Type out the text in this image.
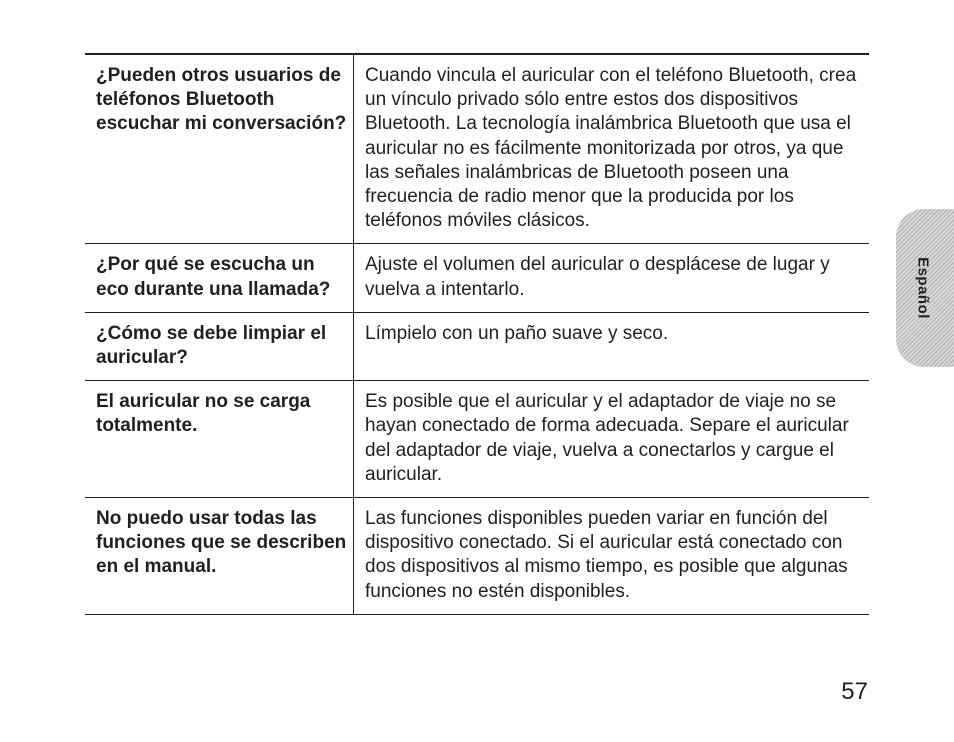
¿Pueden otros usuarios de teléfonos Bluetooth escuchar mi conversación?	Cuando vincula el auricular con el teléfono Bluetooth, crea un vínculo privado sólo entre estos dos dispositivos Bluetooth. La tecnología inalámbrica Bluetooth que usa el auricular no es fácilmente monitorizada por otros, ya que las señales inalámbricas de Bluetooth poseen una frecuencia de radio menor que la producida por los teléfonos móviles clásicos.
¿Por qué se escucha un eco durante una llamada?	Ajuste el volumen del auricular o desplácese de lugar y vuelva a intentarlo.
¿Cómo se debe limpiar el auricular?	Límpielo con un paño suave y seco.
El auricular no se carga totalmente.	Es posible que el auricular y el adaptador de viaje no se hayan conectado de forma adecuada. Separe el auricular del adaptador de viaje, vuelva a conectarlos y cargue el auricular.
No puedo usar todas las funciones que se describen en el manual.	Las funciones disponibles pueden variar en función del dispositivo conectado. Si el auricular está conectado con dos dispositivos al mismo tiempo, es posible que algunas funciones no estén disponibles.
Español
57
